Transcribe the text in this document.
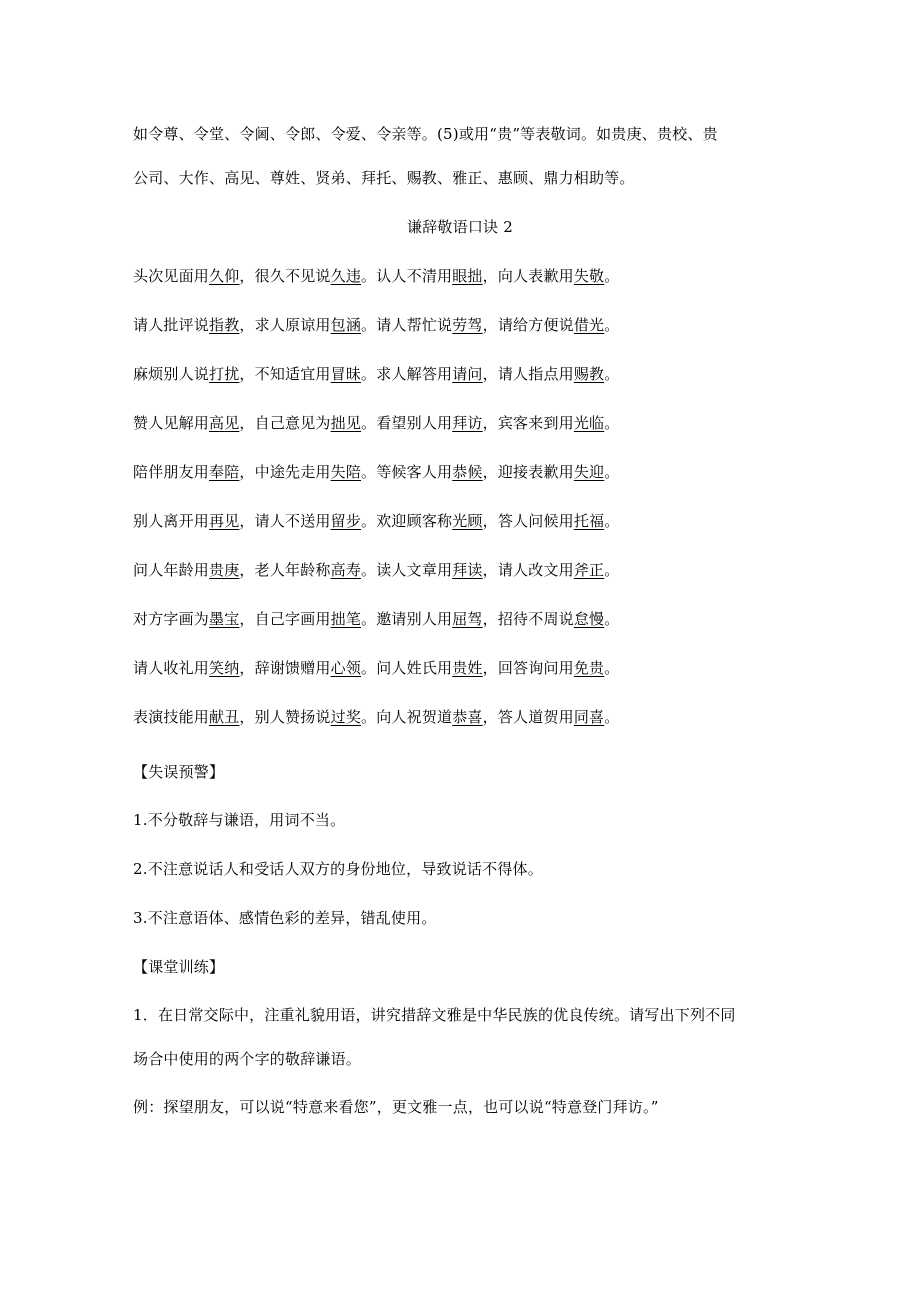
如令尊、令堂、令阃、令郎、令爱、令亲等。(5)或用“贵”等表敬词。如贵庚、贵校、贵
公司、大作、高见、尊姓、贤弟、拜托、赐教、雅正、惠顾、鼎力相助等。
谦辞敬语口诀 2
头次见面用久仰，很久不见说久违。认人不清用眼拙，向人表歉用失敬。
请人批评说指教，求人原谅用包涵。请人帮忙说劳驾，请给方便说借光。
麻烦别人说打扰，不知适宜用冒昧。求人解答用请问，请人指点用赐教。
赞人见解用高见，自己意见为拙见。看望别人用拜访，宾客来到用光临。
陪伴朋友用奉陪，中途先走用失陪。等候客人用恭候，迎接表歉用失迎。
别人离开用再见，请人不送用留步。欢迎顾客称光顾，答人问候用托福。
问人年龄用贵庚，老人年龄称高寿。读人文章用拜读，请人改文用斧正。
对方字画为墨宝，自己字画用拙笔。邀请别人用屈驾，招待不周说怠慢。
请人收礼用笑纳，辞谢馈赠用心领。问人姓氏用贵姓，回答询问用免贵。
表演技能用献丑，别人赞扬说过奖。向人祝贺道恭喜，答人道贺用同喜。
【失误预警】
1.不分敬辞与谦语，用词不当。
2.不注意说话人和受话人双方的身份地位，导致说话不得体。
3.不注意语体、感情色彩的差异，错乱使用。
【课堂训练】
1．在日常交际中，注重礼貌用语，讲究措辞文雅是中华民族的优良传统。请写出下列不同
场合中使用的两个字的敬辞谦语。
例：探望朋友，可以说“特意来看您”，更文雅一点，也可以说“特意登门拜访。”
